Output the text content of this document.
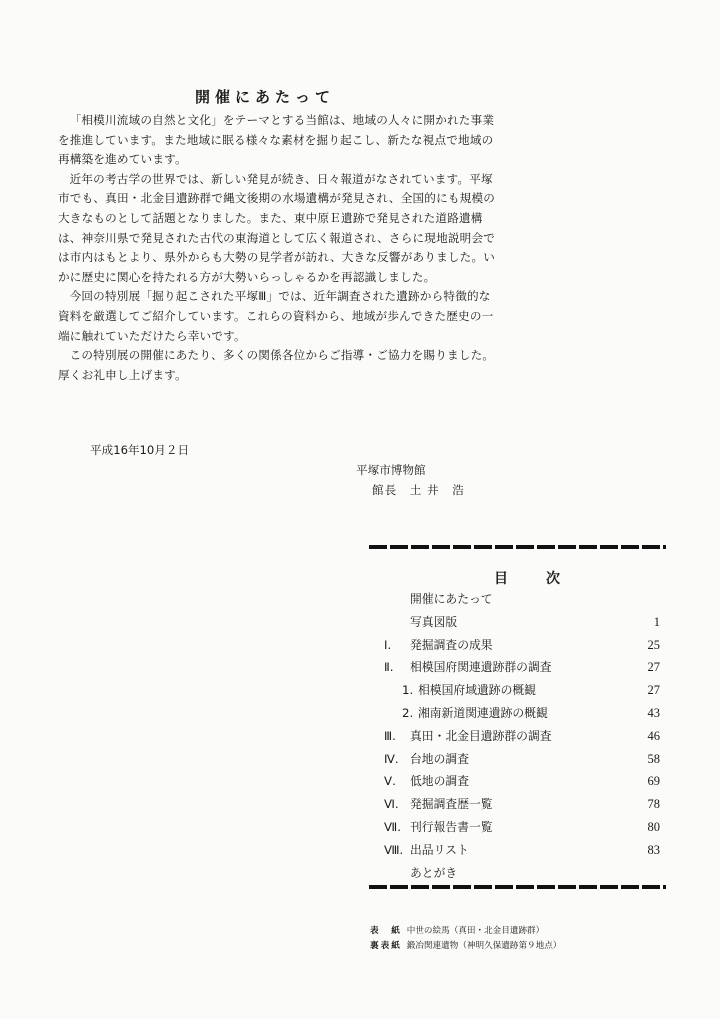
開催にあたって

「相模川流域の自然と文化」をテーマとする当館は、地域の人々に開かれた事業を推進しています。また地域に眠る様々な素材を掘り起こし、新たな視点で地域の再構築を進めています。

近年の考古学の世界では、新しい発見が続き、日々報道がなされています。平塚市でも、真田・北金目遺跡群で縄文後期の水場遺構が発見され、全国的にも規模の大きなものとして話題となりました。また、東中原Ｅ遺跡で発見された道路遺構は、神奈川県で発見された古代の東海道として広く報道され、さらに現地説明会では市内はもとより、県外からも大勢の見学者が訪れ、大きな反響がありました。いかに歴史に関心を持たれる方が大勢いらっしゃるかを再認識しました。

今回の特別展「掘り起こされた平塚Ⅲ」では、近年調査された遺跡から特徴的な資料を厳選してご紹介しています。これらの資料から、地域が歩んできた歴史の一端に触れていただけたら幸いです。

この特別展の開催にあたり、多くの関係各位からご指導・ご協力を賜りました。厚くお礼申し上げます。

平成16年10月２日
平塚市博物館
館長　土 井　浩
目　次
開催にあたって
写真図版	1
Ⅰ. 発掘調査の成果	25
Ⅱ. 相模国府関連遺跡群の調査	27
1. 相模国府域遺跡の概観	27
2. 湘南新道関連遺跡の概観	43
Ⅲ. 真田・北金目遺跡群の調査	46
Ⅳ. 台地の調査	58
Ⅴ. 低地の調査	69
Ⅵ. 発掘調査歴一覧	78
Ⅶ. 刊行報告書一覧	80
Ⅷ. 出品リスト	83
あとがき
表　紙 中世の絵馬（真田・北金目遺跡群）
裏表紙 鍛冶関連遺物（神明久保遺跡第９地点）
